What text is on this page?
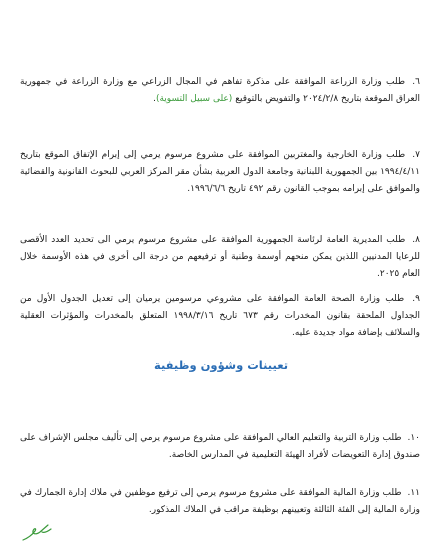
٦. طلب وزارة الزراعة الموافقة على مذكرة تفاهم في المجال الزراعي مع وزارة الزراعة في جمهورية العراق الموقعة بتاريخ ٢٠٢٤/٢/٨ والتفويض بالتوقيع (على سبيل التسوية).
٧. طلب وزارة الخارجية والمغتربين الموافقة على مشروع مرسوم يرمي إلى إبرام الإتفاق الموقع بتاريخ ١٩٩٤/٤/١١ بين الجمهورية اللبنانية وجامعة الدول العربية بشأن مقر المركز العربي للبحوث القانونية والقضائية والموافق على إبرامه بموجب القانون رقم ٤٩٢ تاريخ ١٩٩٦/٦/٦.
٨. طلب المديرية العامة لرئاسة الجمهورية الموافقة على مشروع مرسوم يرمي الى تحديد العدد الأقصى للرعايا المدنيين اللذين يمكن منحهم أوسمة وطنية أو ترفيعهم من درجة الى أخرى في هذه الأوسمة خلال العام ٢٠٢٥.
٩. طلب وزارة الصحة العامة الموافقة على مشروعي مرسومين يرميان إلى تعديل الجدول الأول من الجداول الملحقة بقانون المخدرات رقم ٦٧٣ تاريخ ١٩٩٨/٣/١٦ المتعلق بالمخدرات والمؤثرات العقلية والسلائف بإضافة مواد جديدة عليه.
تعيينات وشؤون وظيفية
١٠. طلب وزارة التربية والتعليم العالي الموافقة على مشروع مرسوم يرمي إلى تأليف مجلس الإشراف على صندوق إدارة التعويضات لأفراد الهيئة التعليمية في المدارس الخاصة.
١١. طلب وزارة المالية الموافقة على مشروع مرسوم يرمي إلى ترفيع موظفين في ملاك إدارة الجمارك في وزارة المالية إلى الفئة الثالثة وتعيينهم بوظيفة مراقب في الملاك المذكور.
